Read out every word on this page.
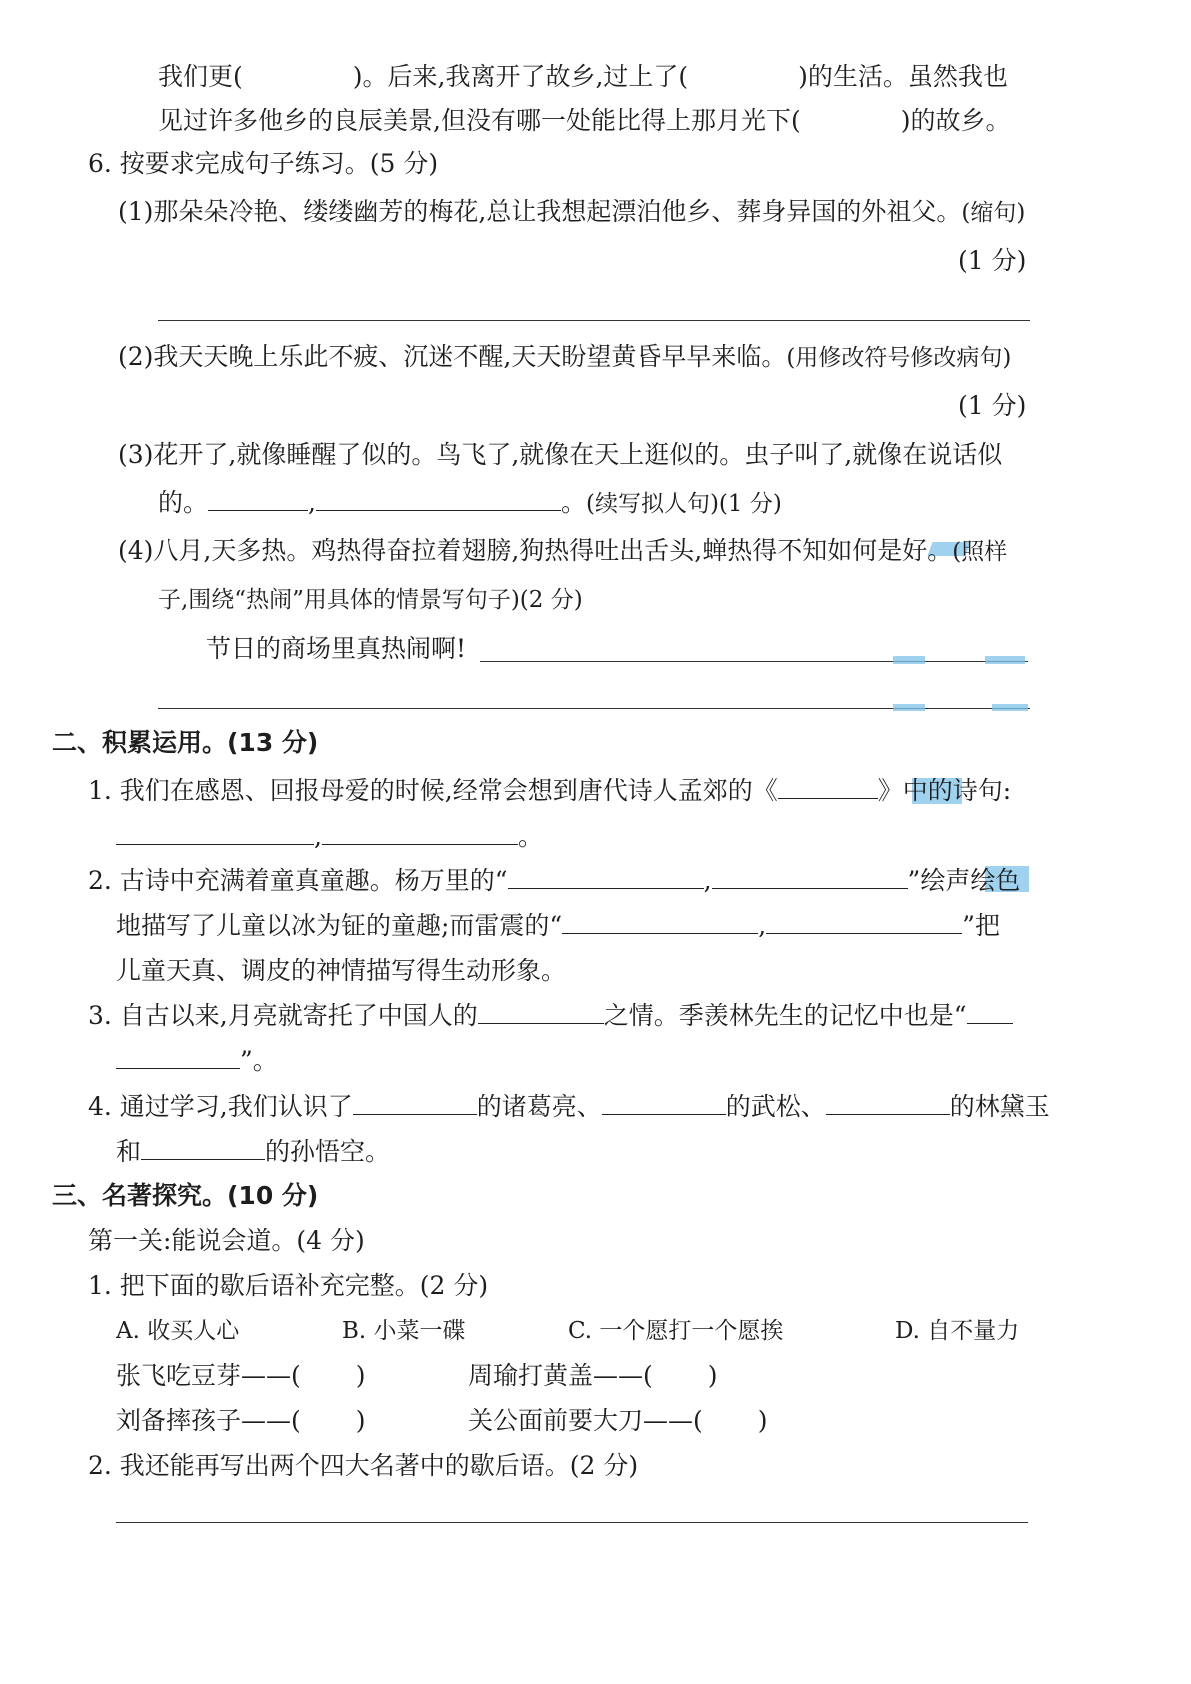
我们更(	)。后来,我离开了故乡,过上了(	)的生活。虽然我也
见过许多他乡的良辰美景,但没有哪一处能比得上那月光下(	)的故乡。
6. 按要求完成句子练习。(5 分)
(1)那朵朵冷艳、缕缕幽芳的梅花,总让我想起漂泊他乡、葬身异国的外祖父。(缩句)
(1 分)
(2)我天天晚上乐此不疲、沉迷不醒,天天盼望黄昏早早来临。(用修改符号修改病句)
(1 分)
(3)花开了,就像睡醒了似的。鸟飞了,就像在天上逛似的。虫子叫了,就像在说话似
的。	,	。(续写拟人句)(1 分)
(4)八月,天多热。鸡热得奋拉着翅膀,狗热得吐出舌头,蝉热得不知如何是好。(照样
子,围绕“热闹”用具体的情景写句子)(2 分)
节日的商场里真热闹啊!
二、积累运用。(13 分)
1. 我们在感恩、回报母爱的时候,经常会想到唐代诗人孟郊的《	》中的诗句:
,	。
2. 古诗中充满着童真童趣。杨万里的“	,	”绘声绘色
地描写了儿童以冰为钲的童趣;而雷震的“	,	”把
儿童天真、调皮的神情描写得生动形象。
3. 自古以来,月亮就寄托了中国人的	之情。季羡林先生的记忆中也是“
”。
4. 通过学习,我们认识了	的诸葛亮、	的武松、	的林黛玉
和	的孙悟空。
三、名著探究。(10 分)
第一关:能说会道。(4 分)
1. 把下面的歇后语补充完整。(2 分)
A. 收买人心	B. 小菜一碟	C. 一个愿打一个愿挨	D. 自不量力
张飞吃豆芽——( )	周瑜打黄盖——( )
刘备摔孩子——( )	关公面前要大刀——( )
2. 我还能再写出两个四大名著中的歇后语。(2 分)
